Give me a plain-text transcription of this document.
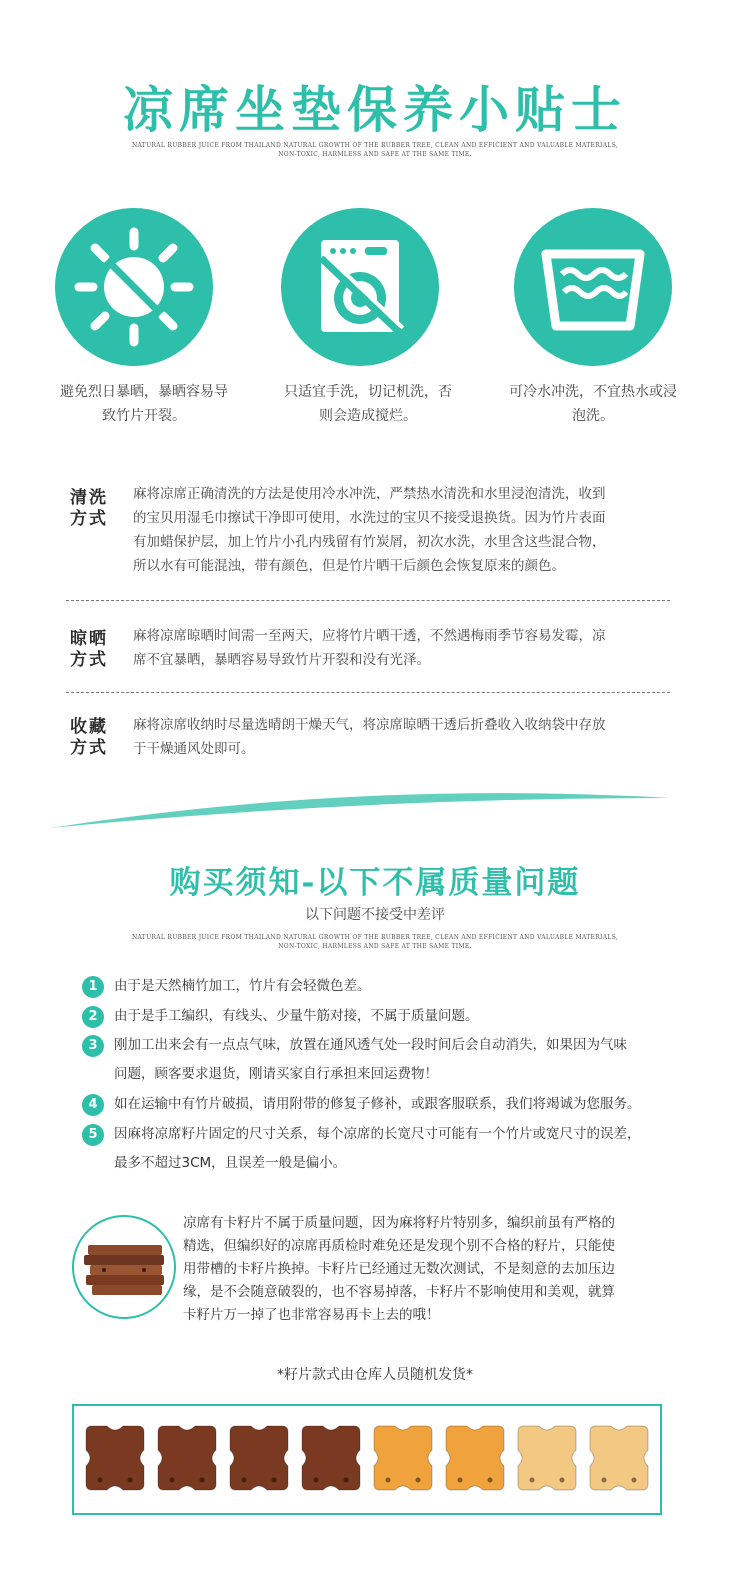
凉席坐垫保养小贴士
NATURAL RUBBER JUICE FROM THAILAND NATURAL GROWTH OF THE RUBBER TREE, CLEAN AND EFFICIENT AND VALUABLE MATERIALS,
NON-TOXIC, HARMLESS AND SAFE AT THE SAME TIME.
避免烈日暴晒，暴晒容易导
致竹片开裂。
只适宜手洗，切记机洗，否
则会造成搅烂。
可冷水冲洗，不宜热水或浸
泡洗。
清洗
方式
麻将凉席正确清洗的方法是使用冷水冲洗，严禁热水清洗和水里浸泡清洗，收到
的宝贝用湿毛巾擦试干净即可使用，水洗过的宝贝不接受退换货。因为竹片表面
有加蜡保护层，加上竹片小孔内残留有竹炭屑，初次水洗，水里含这些混合物，
所以水有可能混浊，带有颜色，但是竹片晒干后颜色会恢复原来的颜色。
晾晒
方式
麻将凉席晾晒时间需一至两天，应将竹片晒干透，不然遇梅雨季节容易发霉，凉
席不宜暴晒，暴晒容易导致竹片开裂和没有光泽。
收藏
方式
麻将凉席收纳时尽量选晴朗干燥天气，将凉席晾晒干透后折叠收入收纳袋中存放
于干燥通风处即可。
购买须知-以下不属质量问题
以下问题不接受中差评
NATURAL RUBBER JUICE FROM THAILAND NATURAL GROWTH OF THE RUBBER TREE, CLEAN AND EFFICIENT AND VALUABLE MATERIALS,
NON-TOXIC, HARMLESS AND SAFE AT THE SAME TIME.
1	由于是天然楠竹加工，竹片有会轻微色差。
2	由于是手工编织，有线头、少量牛筋对接，不属于质量问题。
3	刚加工出来会有一点点气味，放置在通风透气处一段时间后会自动消失，如果因为气味
问题，顾客要求退货，刚请买家自行承担来回运费物！
4	如在运输中有竹片破损，请用附带的修复子修补，或跟客服联系，我们将竭诚为您服务。
5	因麻将凉席籽片固定的尺寸关系，每个凉席的长宽尺寸可能有一个竹片或宽尺寸的误差，
最多不超过3CM，且误差一般是偏小。
凉席有卡籽片不属于质量问题，因为麻将籽片特别多，编织前虽有严格的
精选，但编织好的凉席再质检时难免还是发现个别不合格的籽片，只能使
用带槽的卡籽片换掉。卡籽片已经通过无数次测试，不是刻意的去加压边
缘，是不会随意破裂的，也不容易掉落，卡籽片不影响使用和美观，就算
卡籽片万一掉了也非常容易再卡上去的哦！
*籽片款式由仓库人员随机发货*
